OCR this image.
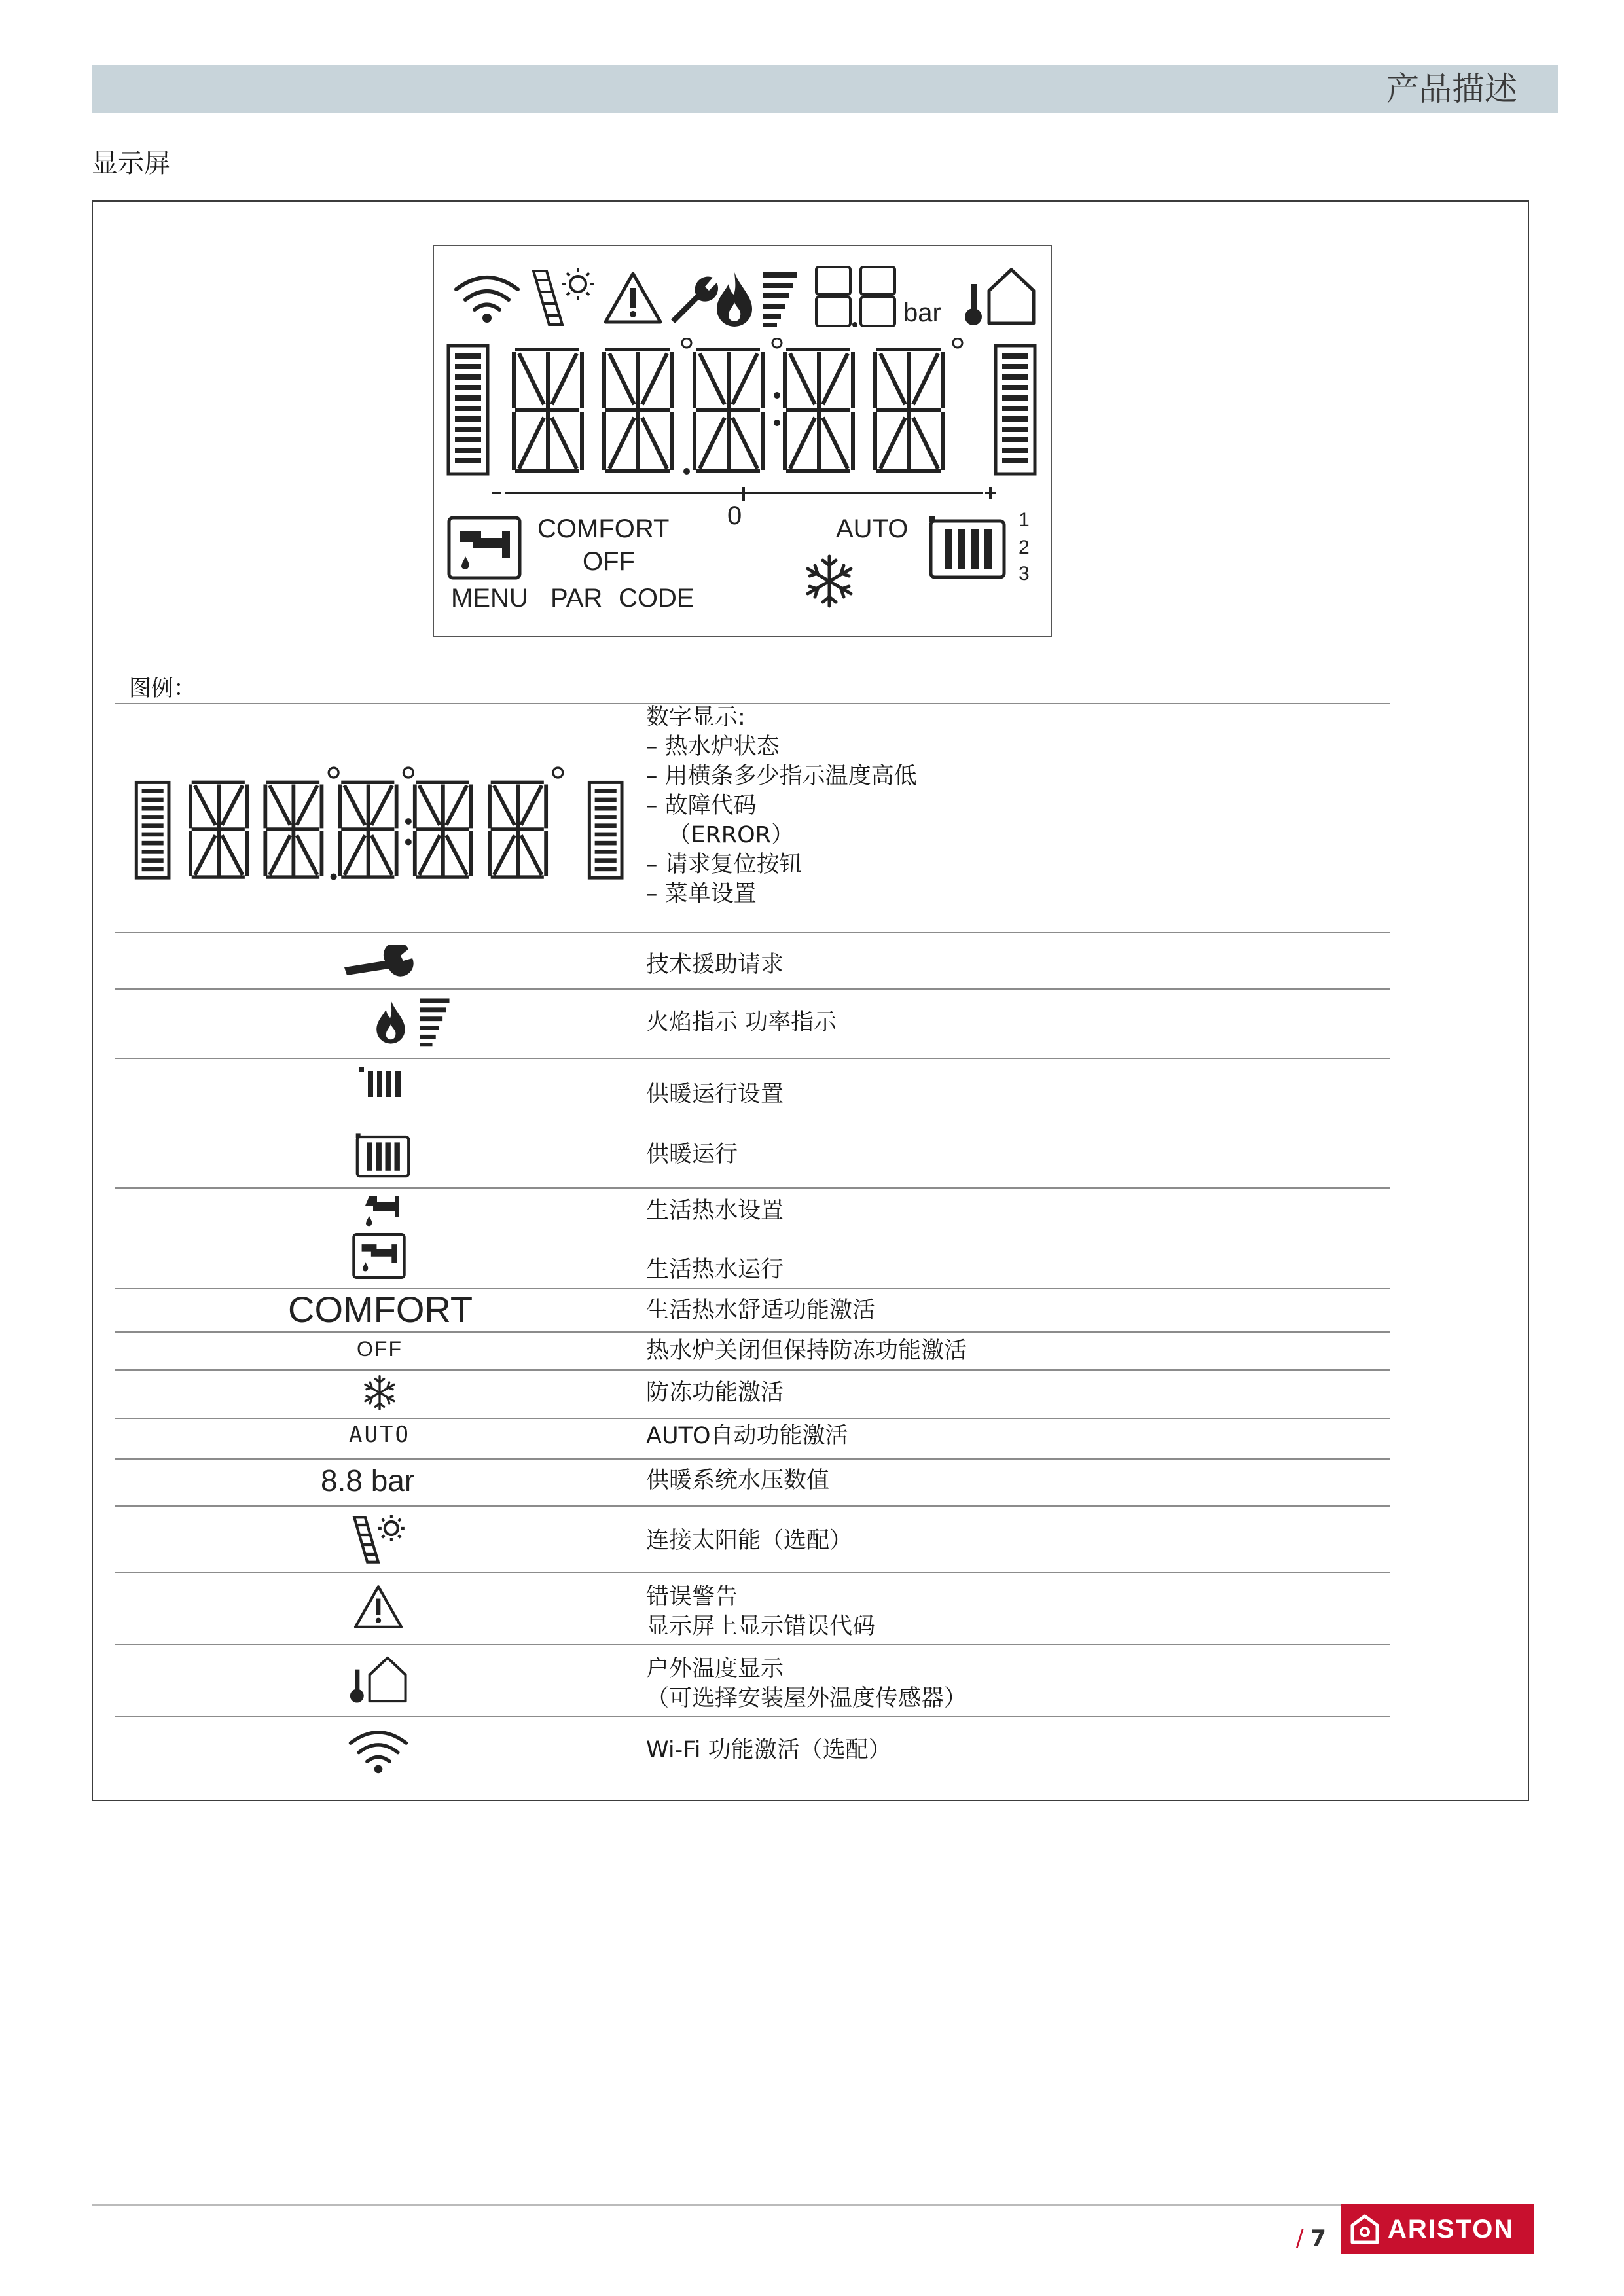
产品描述
显示屏
bar
0
COMFORT
OFF
MENU PAR CODE
AUTO	1
2
3
图例：
数字显示:
– 热水炉状态
– 用横条多少指示温度高低
– 故障代码
（ERROR）
– 请求复位按钮
– 菜单设置
技术援助请求
火焰指示 功率指示
供暖运行设置
供暖运行
生活热水设置
生活热水运行
COMFORT	生活热水舒适功能激活
OFF	热水炉关闭但保持防冻功能激活
防冻功能激活
AUTO	AUTO自动功能激活
8.8 bar	供暖系统水压数值
连接太阳能（选配）
错误警告
显示屏上显示错误代码
户外温度显示
（可选择安装屋外温度传感器）
Wi-Fi 功能激活（选配）
/ 7 ARISTON
